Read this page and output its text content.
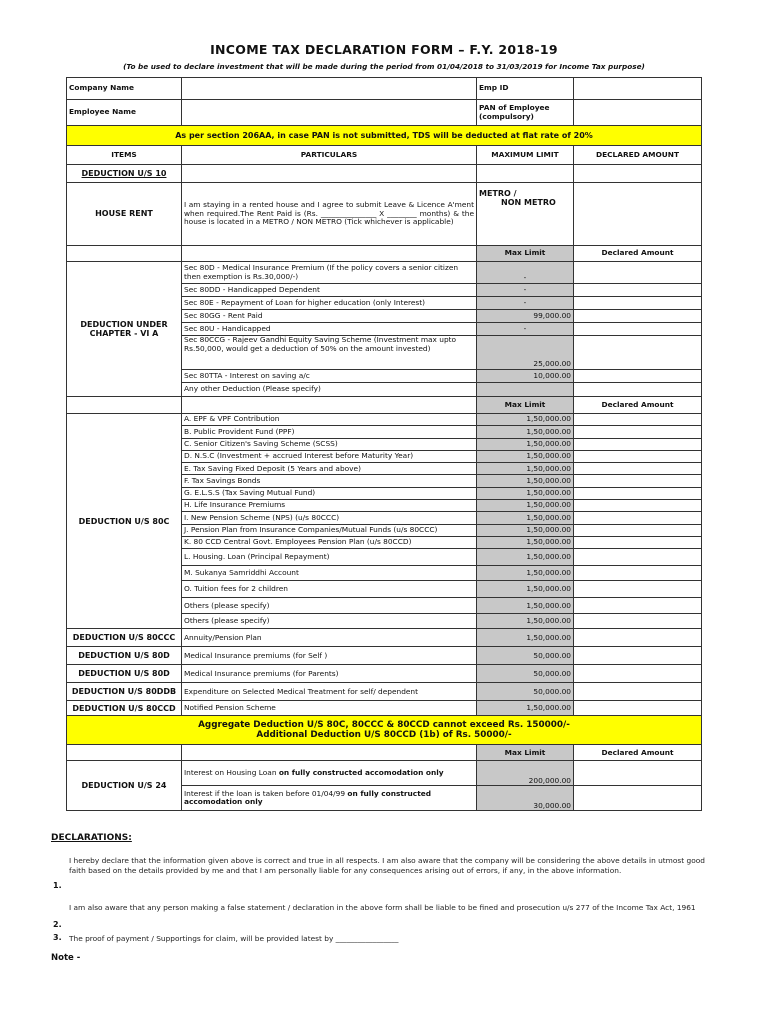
INCOME TAX DECLARATION FORM – F.Y. 2018-19
(To be used to declare investment that will be made during the period from 01/04/2018 to 31/03/2019 for Income Tax purpose)
Company Name		Emp ID	
Employee Name		PAN of Employee (compulsory)	
As per section 206AA, in case PAN is not submitted, TDS will be deducted at flat rate of 20%			
ITEMS	PARTICULARS	MAXIMUM LIMIT	DECLARED AMOUNT
DEDUCTION U/S 10			
HOUSE RENT	I am staying in a rented house and I agree to submit Leave & Licence A'ment when required.The Rent Paid is (Rs. _______________ X ________ months) & the house is located in a METRO / NON METRO (Tick whichever is applicable)	METRO /
NON METRO	

		Max Limit	Declared Amount
DEDUCTION UNDER CHAPTER - VI A	Sec 80D - Medical Insurance Premium (If the policy covers a senior citizen then exemption is Rs.30,000/-)	-	
	Sec 80DD - Handicapped Dependent	-	
	Sec 80E - Repayment of Loan for higher education (only Interest)	-	
	Sec 80GG - Rent Paid	99,000.00	
	Sec 80U - Handicapped	-	
	Sec 80CCG - Rajeev Gandhi Equity Saving Scheme (Investment max upto Rs.50,000, would get a deduction of 50% on the amount invested)	25,000.00	
	Sec 80TTA - Interest on saving a/c	10,000.00	
	Any other Deduction (Please specify)		
		Max Limit	Declared Amount
DEDUCTION U/S 80C	A. EPF & VPF Contribution	1,50,000.00	
	B. Public Provident Fund (PPF)	1,50,000.00	
	C. Senior Citizen's Saving Scheme (SCSS)	1,50,000.00	
	D. N.S.C (Investment + accrued Interest before Maturity Year)	1,50,000.00	
	E. Tax Saving Fixed Deposit (5 Years and above)	1,50,000.00	
	F. Tax Savings Bonds	1,50,000.00	
	G. E.L.S.S (Tax Saving Mutual Fund)	1,50,000.00	
	H. Life Insurance Premiums	1,50,000.00	
	I. New Pension Scheme (NPS) (u/s 80CCC)	1,50,000.00	
	J. Pension Plan from Insurance Companies/Mutual Funds (u/s 80CCC)	1,50,000.00	
	K. 80 CCD Central Govt. Employees Pension Plan (u/s 80CCD)	1,50,000.00	
	L. Housing. Loan (Principal Repayment)	1,50,000.00	
	M. Sukanya Samriddhi Account	1,50,000.00	
	O. Tuition fees for 2 children	1,50,000.00	
	Others (please specify)	1,50,000.00	
	Others (please specify)	1,50,000.00	
DEDUCTION U/S 80CCC	Annuity/Pension Plan	1,50,000.00	
DEDUCTION U/S 80D	Medical Insurance premiums (for Self )	50,000.00	
DEDUCTION U/S 80D	Medical Insurance premiums (for Parents)	50,000.00	
DEDUCTION U/S 80DDB	Expenditure on Selected Medical Treatment for self/ dependent	50,000.00	
DEDUCTION U/S 80CCD	Notified Pension Scheme	1,50,000.00	

Aggregate Deduction U/S 80C, 80CCC & 80CCD cannot exceed Rs. 150000/-
Additional Deduction U/S 80CCD (1b) of Rs. 50000/-			

		Max Limit	Declared Amount
DEDUCTION U/S 24	Interest on Housing Loan on fully constructed accomodation only	200,000.00	
	Interest if the loan is taken before 01/04/99 on fully constructed accomodation only	30,000.00	
DECLARATIONS:
I hereby declare that the information given above is correct and true in all respects. I am also aware that the company will be considering the above details in utmost good faith based on the details provided by me and that I am personally liable for any consequences arising out of errors, if any, in the above information.
1.
I am also aware that any person making a false statement / declaration in the above form shall be liable to be fined and prosecution u/s 277 of the Income Tax Act, 1961
2.
The proof of payment / Supportings for claim, will be provided latest by _________________
3.
Note -
